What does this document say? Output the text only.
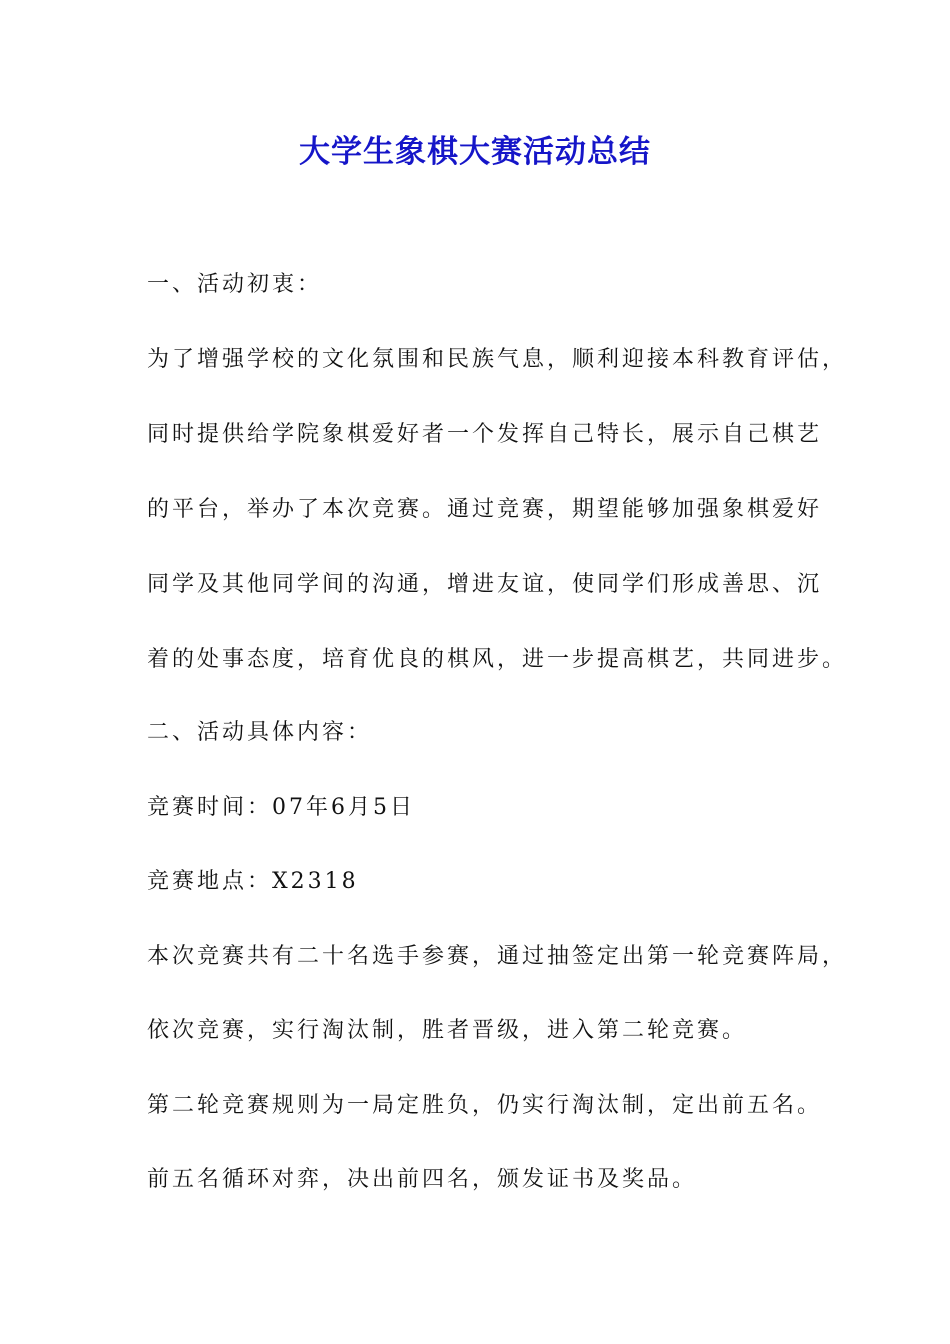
大学生象棋大赛活动总结
一、活动初衷：
为了增强学校的文化氛围和民族气息，顺利迎接本科教育评估，
同时提供给学院象棋爱好者一个发挥自己特长，展示自己棋艺
的平台，举办了本次竞赛。通过竞赛，期望能够加强象棋爱好
同学及其他同学间的沟通，增进友谊，使同学们形成善思、沉
着的处事态度，培育优良的棋风，进一步提高棋艺，共同进步。
二、活动具体内容：
竞赛时间：07年6月5日
竞赛地点：X2318
本次竞赛共有二十名选手参赛，通过抽签定出第一轮竞赛阵局，
依次竞赛，实行淘汰制，胜者晋级，进入第二轮竞赛。
第二轮竞赛规则为一局定胜负，仍实行淘汰制，定出前五名。
前五名循环对弈，决出前四名，颁发证书及奖品。
